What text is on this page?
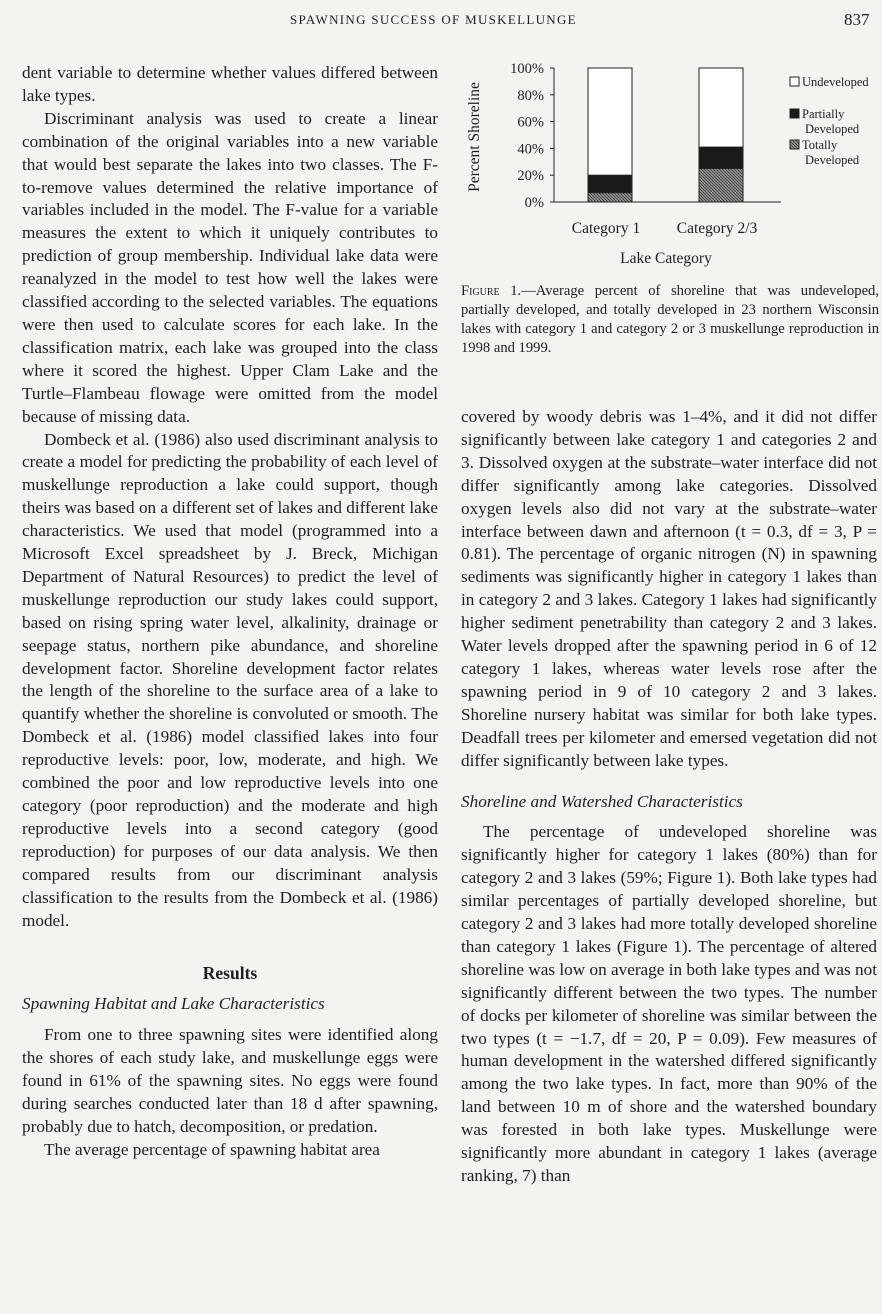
SPAWNING SUCCESS OF MUSKELLUNGE	837

dent variable to determine whether values differed between lake types.

Discriminant analysis was used to create a linear combination of the original variables into a new variable that would best separate the lakes into two classes. The F-to-remove values determined the relative importance of variables included in the model. The F-value for a variable measures the extent to which it uniquely contributes to prediction of group membership. Individual lake data were reanalyzed in the model to test how well the lakes were classified according to the selected variables. The equations were then used to calculate scores for each lake. In the classification matrix, each lake was grouped into the class where it scored the highest. Upper Clam Lake and the Turtle–Flambeau flowage were omitted from the model because of missing data.

Dombeck et al. (1986) also used discriminant analysis to create a model for predicting the probability of each level of muskellunge reproduction a lake could support, though theirs was based on a different set of lakes and different lake characteristics. We used that model (programmed into a Microsoft Excel spreadsheet by J. Breck, Michigan Department of Natural Resources) to predict the level of muskellunge reproduction our study lakes could support, based on rising spring water level, alkalinity, drainage or seepage status, northern pike abundance, and shoreline development factor. Shoreline development factor relates the length of the shoreline to the surface area of a lake to quantify whether the shoreline is convoluted or smooth. The Dombeck et al. (1986) model classified lakes into four reproductive levels: poor, low, moderate, and high. We combined the poor and low reproductive levels into one category (poor reproduction) and the moderate and high reproductive levels into a second category (good reproduction) for purposes of our data analysis. We then compared results from our discriminant analysis classification to the results from the Dombeck et al. (1986) model.

Results
Spawning Habitat and Lake Characteristics

From one to three spawning sites were identified along the shores of each study lake, and muskellunge eggs were found in 61% of the spawning sites. No eggs were found during searches conducted later than 18 d after spawning, probably due to hatch, decomposition, or predation.

The average percentage of spawning habitat area

0%
20%
40%
60%
80%
100%
Percent Shoreline
Category 1 Category 2/3
Lake Category
Undeveloped
Partially
Developed
Totally
Developed
Figure 1.—Average percent of shoreline that was undeveloped, partially developed, and totally developed in 23 northern Wisconsin lakes with category 1 and category 2 or 3 muskellunge reproduction in 1998 and 1999.

covered by woody debris was 1–4%, and it did not differ significantly between lake category 1 and categories 2 and 3. Dissolved oxygen at the substrate–water interface did not differ significantly among lake categories. Dissolved oxygen levels also did not vary at the substrate–water interface between dawn and afternoon (t = 0.3, df = 3, P = 0.81). The percentage of organic nitrogen (N) in spawning sediments was significantly higher in category 1 lakes than in category 2 and 3 lakes. Category 1 lakes had significantly higher sediment penetrability than category 2 and 3 lakes. Water levels dropped after the spawning period in 6 of 12 category 1 lakes, whereas water levels rose after the spawning period in 9 of 10 category 2 and 3 lakes. Shoreline nursery habitat was similar for both lake types. Deadfall trees per kilometer and emersed vegetation did not differ significantly between lake types.

Shoreline and Watershed Characteristics

The percentage of undeveloped shoreline was significantly higher for category 1 lakes (80%) than for category 2 and 3 lakes (59%; Figure 1). Both lake types had similar percentages of partially developed shoreline, but category 2 and 3 lakes had more totally developed shoreline than category 1 lakes (Figure 1). The percentage of altered shoreline was low on average in both lake types and was not significantly different between the two types. The number of docks per kilometer of shoreline was similar between the two types (t = −1.7, df = 20, P = 0.09). Few measures of human development in the watershed differed significantly among the two lake types. In fact, more than 90% of the land between 10 m of shore and the watershed boundary was forested in both lake types. Muskellunge were significantly more abundant in category 1 lakes (average ranking, 7) than
